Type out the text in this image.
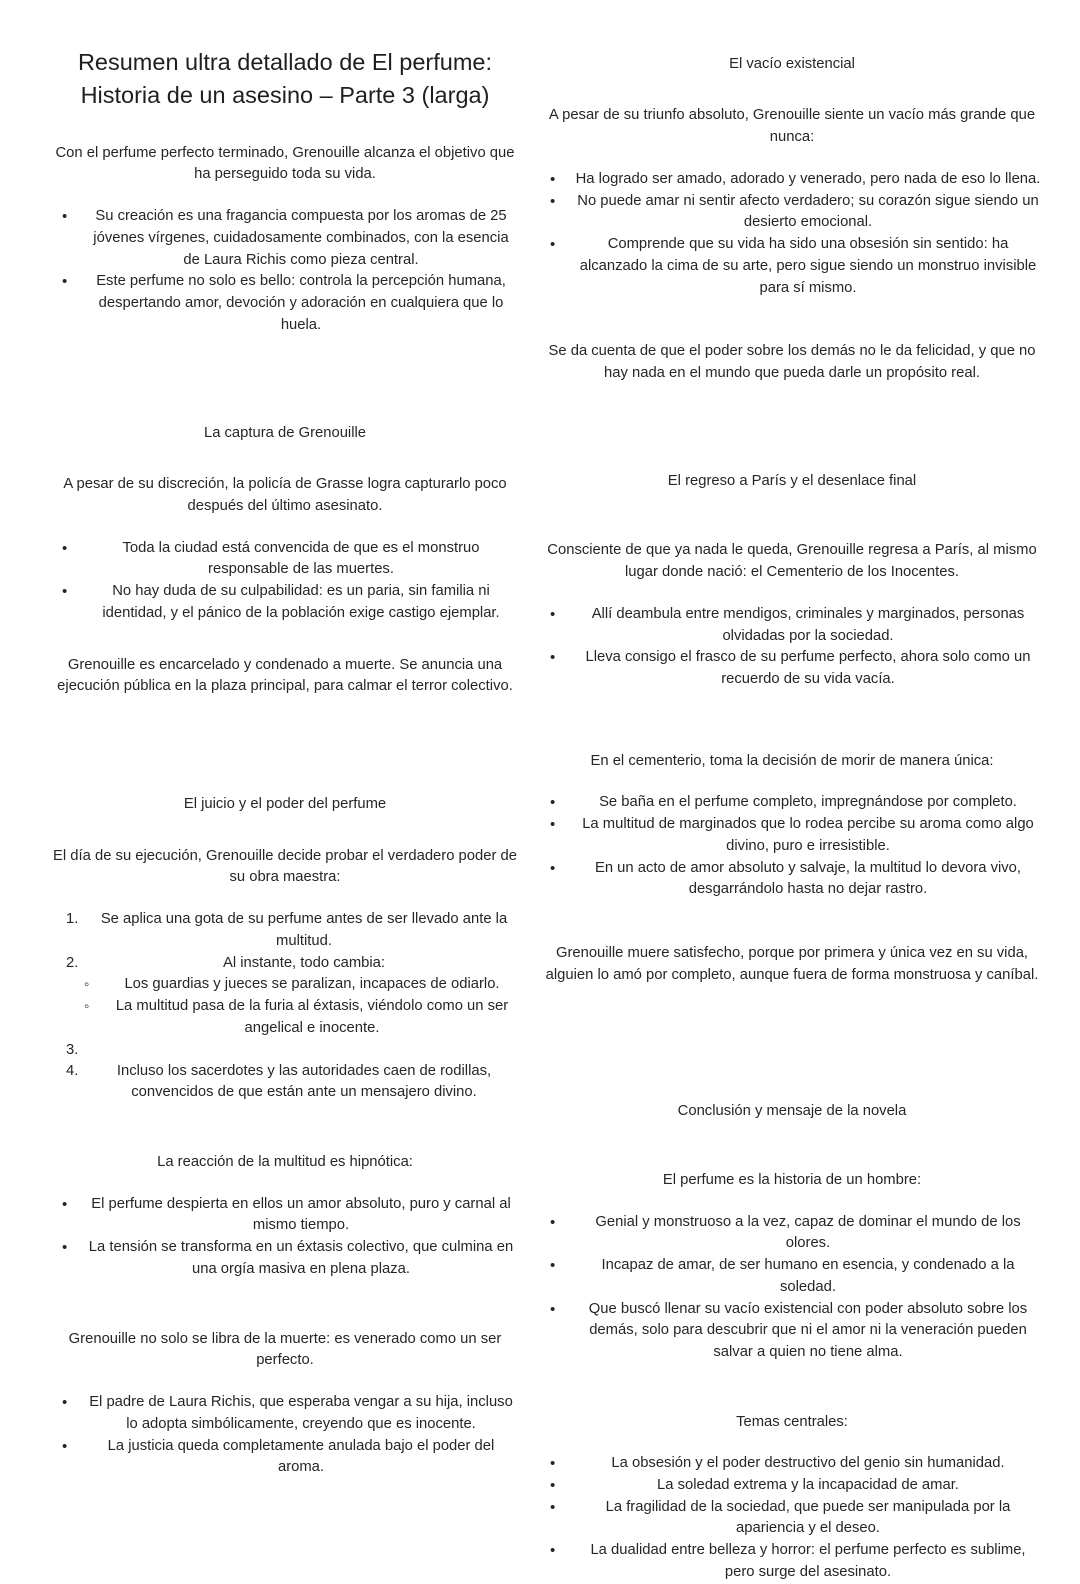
Resumen ultra detallado de El perfume:
Historia de un asesino – Parte 3 (larga)

Con el perfume perfecto terminado, Grenouille alcanza el objetivo que ha perseguido toda su vida.

• Su creación es una fragancia compuesta por los aromas de 25 jóvenes vírgenes, cuidadosamente combinados, con la esencia de Laura Richis como pieza central.
• Este perfume no solo es bello: controla la percepción humana, despertando amor, devoción y adoración en cualquiera que lo huela.
La captura de Grenouille

A pesar de su discreción, la policía de Grasse logra capturarlo poco después del último asesinato.

• Toda la ciudad está convencida de que es el monstruo responsable de las muertes.
• No hay duda de su culpabilidad: es un paria, sin familia ni identidad, y el pánico de la población exige castigo ejemplar.

Grenouille es encarcelado y condenado a muerte. Se anuncia una ejecución pública en la plaza principal, para calmar el terror colectivo.

El juicio y el poder del perfume

El día de su ejecución, Grenouille decide probar el verdadero poder de su obra maestra:

1.	Se aplica una gota de su perfume antes de ser llevado ante la multitud.
2.	Al instante, todo cambia:
◦ Los guardias y jueces se paralizan, incapaces de odiarlo.
◦ La multitud pasa de la furia al éxtasis, viéndolo como un ser angelical e inocente.
3.
4.	Incluso los sacerdotes y las autoridades caen de rodillas, convencidos de que están ante un mensajero divino.
La reacción de la multitud es hipnótica:
• El perfume despierta en ellos un amor absoluto, puro y carnal al mismo tiempo.
• La tensión se transforma en un éxtasis colectivo, que culmina en una orgía masiva en plena plaza.

Grenouille no solo se libra de la muerte: es venerado como un ser perfecto.

• El padre de Laura Richis, que esperaba vengar a su hija, incluso lo adopta simbólicamente, creyendo que es inocente.
• La justicia queda completamente anulada bajo el poder del aroma.
El vacío existencial

A pesar de su triunfo absoluto, Grenouille siente un vacío más grande que nunca:

• Ha logrado ser amado, adorado y venerado, pero nada de eso lo llena.
• No puede amar ni sentir afecto verdadero; su corazón sigue siendo un desierto emocional.
• Comprende que su vida ha sido una obsesión sin sentido: ha alcanzado la cima de su arte, pero sigue siendo un monstruo invisible para sí mismo.

Se da cuenta de que el poder sobre los demás no le da felicidad, y que no hay nada en el mundo que pueda darle un propósito real.

El regreso a París y el desenlace final

Consciente de que ya nada le queda, Grenouille regresa a París, al mismo lugar donde nació: el Cementerio de los Inocentes.

• Allí deambula entre mendigos, criminales y marginados, personas olvidadas por la sociedad.
• Lleva consigo el frasco de su perfume perfecto, ahora solo como un recuerdo de su vida vacía.
En el cementerio, toma la decisión de morir de manera única:
• Se baña en el perfume completo, impregnándose por completo.
• La multitud de marginados que lo rodea percibe su aroma como algo divino, puro e irresistible.
• En un acto de amor absoluto y salvaje, la multitud lo devora vivo, desgarrándolo hasta no dejar rastro.

Grenouille muere satisfecho, porque por primera y única vez en su vida, alguien lo amó por completo, aunque fuera de forma monstruosa y caníbal.

Conclusión y mensaje de la novela
El perfume es la historia de un hombre:
• Genial y monstruoso a la vez, capaz de dominar el mundo de los olores.
• Incapaz de amar, de ser humano en esencia, y condenado a la soledad.
• Que buscó llenar su vacío existencial con poder absoluto sobre los demás, solo para descubrir que ni el amor ni la veneración pueden salvar a quien no tiene alma.
Temas centrales:
• La obsesión y el poder destructivo del genio sin humanidad.
• La soledad extrema y la incapacidad de amar.
• La fragilidad de la sociedad, que puede ser manipulada por la apariencia y el deseo.
• La dualidad entre belleza y horror: el perfume perfecto es sublime, pero surge del asesinato.
